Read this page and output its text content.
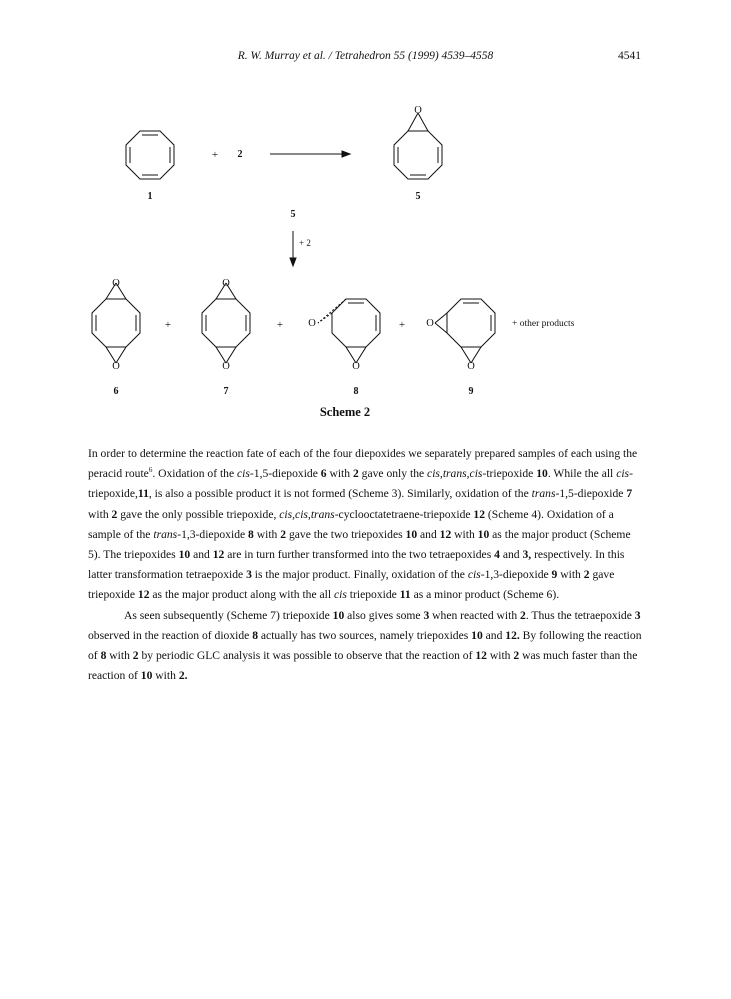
R. W. Murray et al. / Tetrahedron 55 (1999) 4539–4558	4541
O
O
O
O
O
O
O
O
O
+
+	+	+	+ other products
2
5
1	5
6	7	8	9
Scheme 2
+ 2

In order to determine the reaction fate of each of the four diepoxides we separately prepared samples of each using the peracid route$^6$. Oxidation of the cis-1,5-diepoxide 6 with 2 gave only the cis,trans,cis-triepoxide 10. While the all cis-triepoxide,11, is also a possible product it is not formed (Scheme 3). Similarly, oxidation of the trans-1,5-diepoxide 7 with 2 gave the only possible triepoxide, cis,cis,trans-cyclooctatetraene-triepoxide 12 (Scheme 4). Oxidation of a sample of the trans-1,3-diepoxide 8 with 2 gave the two triepoxides 10 and 12 with 10 as the major product (Scheme 5). The triepoxides 10 and 12 are in turn further transformed into the two tetraepoxides 4 and 3, respectively. In this latter transformation tetraepoxide 3 is the major product. Finally, oxidation of the cis-1,3-diepoxide 9 with 2 gave triepoxide 12 as the major product along with the all cis triepoxide 11 as a minor product (Scheme 6).

As seen subsequently (Scheme 7) triepoxide 10 also gives some 3 when reacted with 2. Thus the tetraepoxide 3 observed in the reaction of dioxide 8 actually has two sources, namely triepoxides 10 and 12. By following the reaction of 8 with 2 by periodic GLC analysis it was possible to observe that the reaction of 12 with 2 was much faster than the reaction of 10 with 2.
